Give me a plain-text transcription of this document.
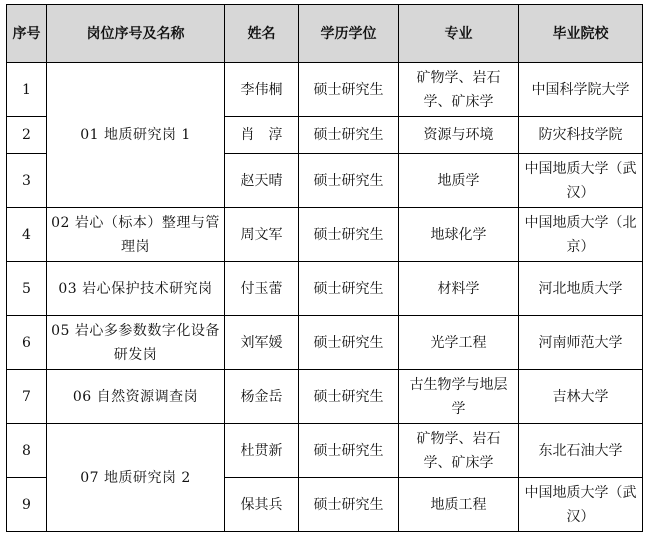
序号	岗位序号及名称	姓名	学历学位	专业	毕业院校
1	01 地质研究岗 1	李伟桐	硕士研究生	矿物学、岩石学、矿床学	中国科学院大学
2		肖　淳	硕士研究生	资源与环境	防灾科技学院
3		赵天晴	硕士研究生	地质学	中国地质大学（武汉）
4	02 岩心（标本）整理与管理岗	周文军	硕士研究生	地球化学	中国地质大学（北京）
5	03 岩心保护技术研究岗	付玉蕾	硕士研究生	材料学	河北地质大学
6	05 岩心多参数数字化设备研发岗	刘军媛	硕士研究生	光学工程	河南师范大学
7	06 自然资源调查岗	杨金岳	硕士研究生	古生物学与地层学	吉林大学
8	07 地质研究岗 2	杜贯新	硕士研究生	矿物学、岩石学、矿床学	东北石油大学
9		保其兵	硕士研究生	地质工程	中国地质大学（武汉）
